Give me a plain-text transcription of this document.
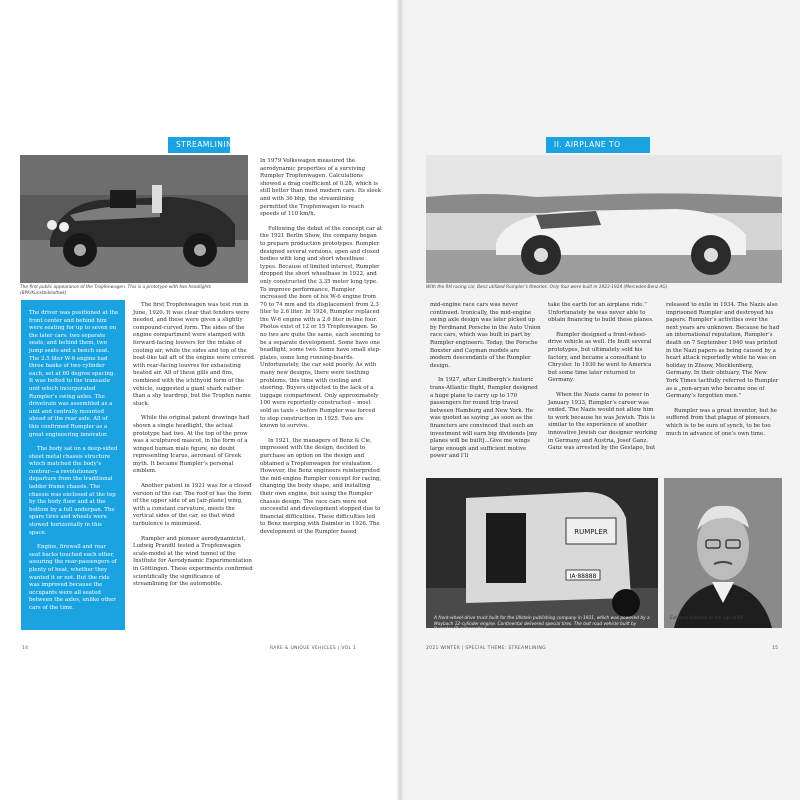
STREAMLINING
The first public appearance of the Tropfenwagen. This is a prototype with two headlights (BPK/Kunstbibliothek)

The driver was positioned at the front center and behind him were seating for up to seven on the later cars: two separate seats, and behind them, two jump seats and a bench seat. The 2.5 liter W-6 engine had three banks of two cylinder each, set at 60 degree spacing. It was bolted to the transaxle unit which incorporated Rumpler’s swing axles. The drivetrain was assembled as a unit and centrally mounted ahead of the rear axle. All of this confirmed Rumpler as a great engineering innovator.

The body sat on a deep-sided sheet metal chassis structure which matched the body’s contour—a revolutionary departure from the traditional ladder frame chassis. The chassis was enclosed at the top by the body floor and at the bottom by a full underpan. The spare tires and wheels were stowed horizontally in this space.

Engine, firewall and rear seat backs touched each other, assuring the rear-passengers of plenty of heat, whether they wanted it or not. But the ride was improved because the occupants were all seated between the axles, unlike other cars of the time.

The first Tropfenwagen was test run in June, 1920. It was clear that fenders were needed, and these were given a slightly compound-curved form. The sides of the engine compartment were stamped with forward-facing louvers for the intake of cooling air, while the sides and top of the boat-like tail aft of the engine were covered with rear-facing louvres for exhausting heated air. All of these gills and fins, combined with the ichthyoid form of the vehicle, suggested a giant shark rather than a shy teardrop, but the Tropfen name stuck.

While the original patent drawings had shown a single headlight, the actual prototype had two. At the top of the prow was a sculptured mascot, in the form of a winged human male figure, no doubt representing Icarus, aeronaut of Greek myth. It became Rumpler’s personal emblem.

Another patent in 1921 was for a closed version of the car. The roof of has the form of the upper side of an [air-plane] wing, with a constant curvature, meets the vertical sides of the car, so that wind turbulence is minimized.

Rumpler and pioneer aerodynamicist, Ludwig Prandtl tested a Tropfenwagen scale-model at the wind tunnel of the Institute for Aerodynamic Experimentation in Göttingen. These experiments confirmed scientifically the significance of streamlining for the automobile.

In 1979 Volkswagen measured the aerodynamic properties of a surviving Rumpler Tropfenwagen. Calculations showed a drag coefficient of 0.28, which is still better than most modern cars. Its sleek and with 36 bhp, the streamlining permitted the Tropfenwagen to reach speeds of 110 km/h.

Following the debut of the concept car at the 1921 Berlin Show, the company began to prepare production prototypes. Rumpler designed several versions, open and closed bodies with long and short wheelbase types. Because of limited interest, Rumpler dropped the short wheelbase in 1922, and only constructed the 3.35 meter long type. To improve performance, Rumpler increased the bore of his W-6 engine from 70 to 74 mm and its displacement from 2.3 liter to 2.6 liter. In 1924, Rumpler replaced the W-6 engine with a 2.6 liter in-line four. Photos exist of 12 or 15 Tropfenwagen. So no two are quite the same, each seeming to be a separate development. Some have one headlight, some two. Some have small step-plates, some long running-boards. Unfortunately, the car sold poorly. As with many new designs, there were teething problems, this time with cooling and steering. Buyers objected to the lack of a luggage compartment. Only approximately 100 were reportedly constructed – most sold as taxis – before Rumpler was forced to stop construction in 1925. Two are known to survive.

In 1921, the managers of Benz & Cie, impressed with the design, decided to purchase an option on the design and obtained a Tropfenwagen for evaluation. However, the Benz engineers reinterpreted the mid-engine Rumpler concept for racing, changing the body shape, and installing their own engine, but using the Rumpler chassis design. The race cars were not successful and development stopped due to financial difficulties. These difficulties led to Benz merging with Daimler in 1926. The development of the Rumpler based

14	RARE & UNIQUE VEHICLES | VOL 1
II. AIRPLANE TO
With the RH racing car, Benz utilized Rumpler’s theories. Only four were built in 1923-1924 (Mercedes-Benz AG)

mid-engine race cars was never continued. Ironically, the mid-engine swing axle design was later picked up by Ferdinand Porsche in the Auto Union race cars, which was built in part by Rumpler engineers. Today, the Porsche Boxster and Cayman models are modern descendants of the Rumpler design.

In 1927, after Lindbergh’s historic trans-Atlantic flight, Rumpler designed a huge plane to carry up to 170 passengers for round trip travel between Hamburg and New York. He was quoted as saying „as soon as the financiers are convinced that such an investment will earn big dividends [my planes will be built]...Give me wings large enough and sufficient motive power and I’ll

take the earth for an airplane ride.” Unfortunately he was never able to obtain financing to build these planes.

Rumpler designed a front-wheel-drive vehicle as well. He built several prototypes, but ultimately sold his factory, and became a consultant to Chrysler. In 1930 he went to America but some time later returned to Germany.

When the Nazis came to power in January 1933, Rumpler’s career was ended. The Nazis would not allow him to work because he was Jewish. This is similar to the experience of another innovative Jewish car designer working in Germany and Austria, Josef Ganz. Ganz was arrested by the Gestapo, but

released to exile in 1934. The Nazis also imprisoned Rumpler and destroyed his papers. Rumpler’s activities over the next years are unknown. Because he had an international reputation, Rumpler’s death on 7 September 1940 was printed in the Nazi papers as being caused by a heart attack reportedly while he was on holiday in Züsow, Mecklenberg, Germany. In their obituary, The New York Times tactfully referred to Rumpler as a „non-aryan who became one of Germany’s forgotten men.”

Rumpler was a great inventor, but he suffered from that plague of pioneers, which is to be sure of synch, to be too much in advance of one’s own time.

RUMPLER
IA·88888
A front-wheel-drive truck built for the Ullstein publishing company in 1931, which was powered by a Maybach 12-cylinder engine. Continental delivered special tires. The last road vehicle built by Rumpler (Bundesarchiv)
Edmund Rumpler at the age of 60
2021 WINTER | SPECIAL THEME: STREAMLINING	15
